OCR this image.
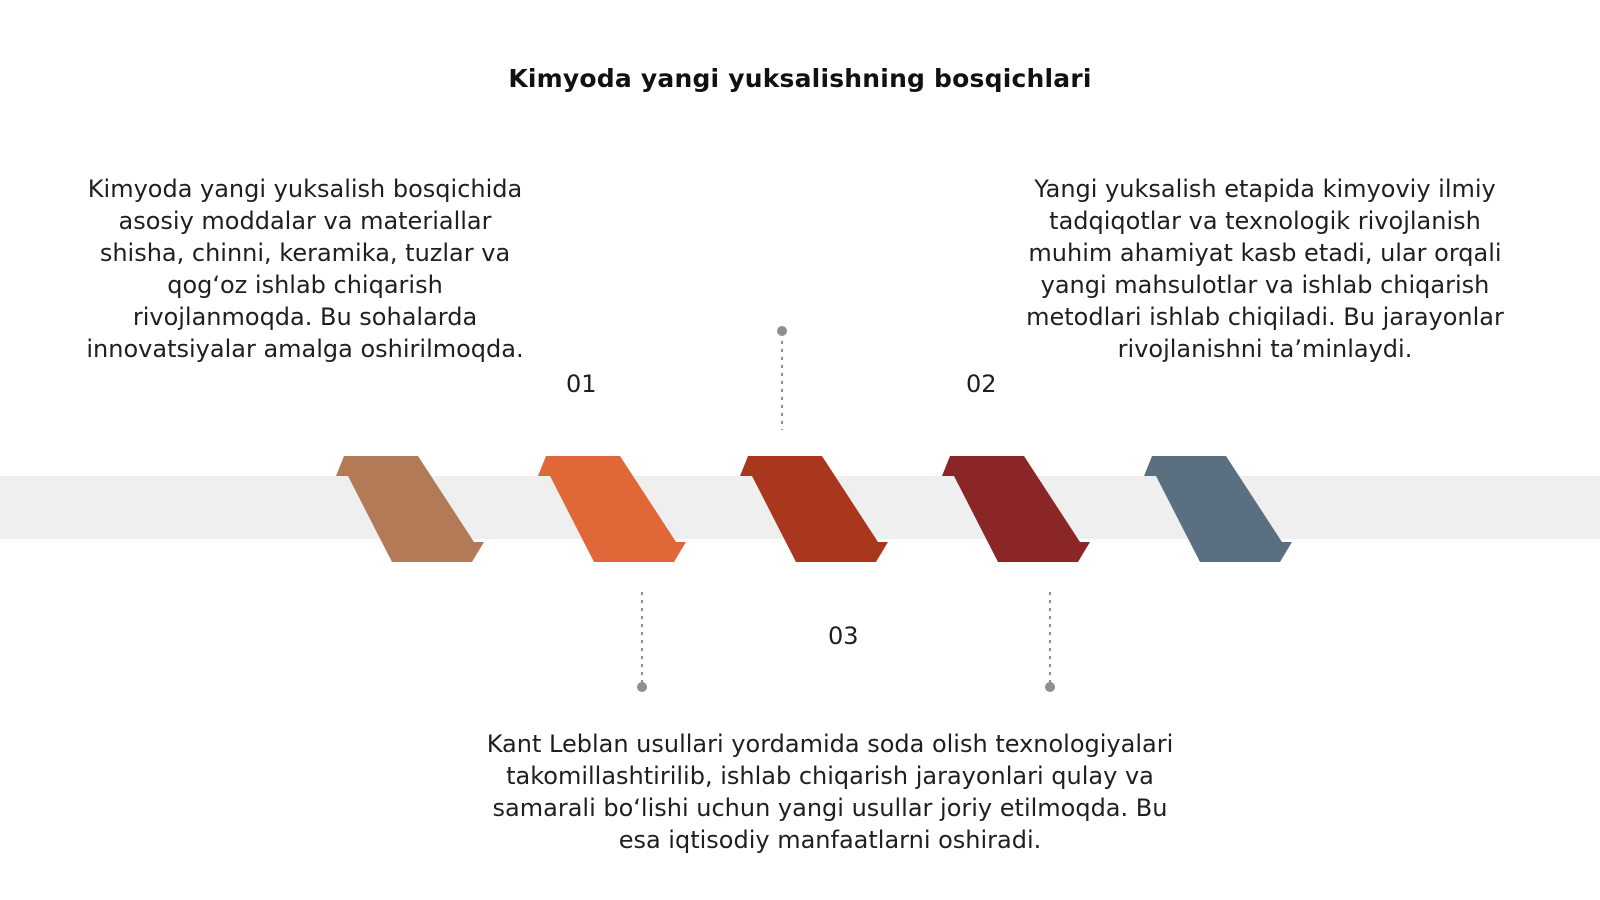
Kimyoda yangi yuksalishning bosqichlari
Kimyoda yangi yuksalish bosqichida asosiy moddalar va materiallar shisha, chinni, keramika, tuzlar va qog‘oz ishlab chiqarish rivojlanmoqda. Bu sohalarda innovatsiyalar amalga oshirilmoqda.
Yangi yuksalish etapida kimyoviy ilmiy tadqiqotlar va texnologik rivojlanish muhim ahamiyat kasb etadi, ular orqali yangi mahsulotlar va ishlab chiqarish metodlari ishlab chiqiladi. Bu jarayonlar rivojlanishni ta’minlaydi.
Kant Leblan usullari yordamida soda olish texnologiyalari takomillashtirilib, ishlab chiqarish jarayonlari qulay va samarali bo‘lishi uchun yangi usullar joriy etilmoqda. Bu esa iqtisodiy manfaatlarni oshiradi.
01	02
03
